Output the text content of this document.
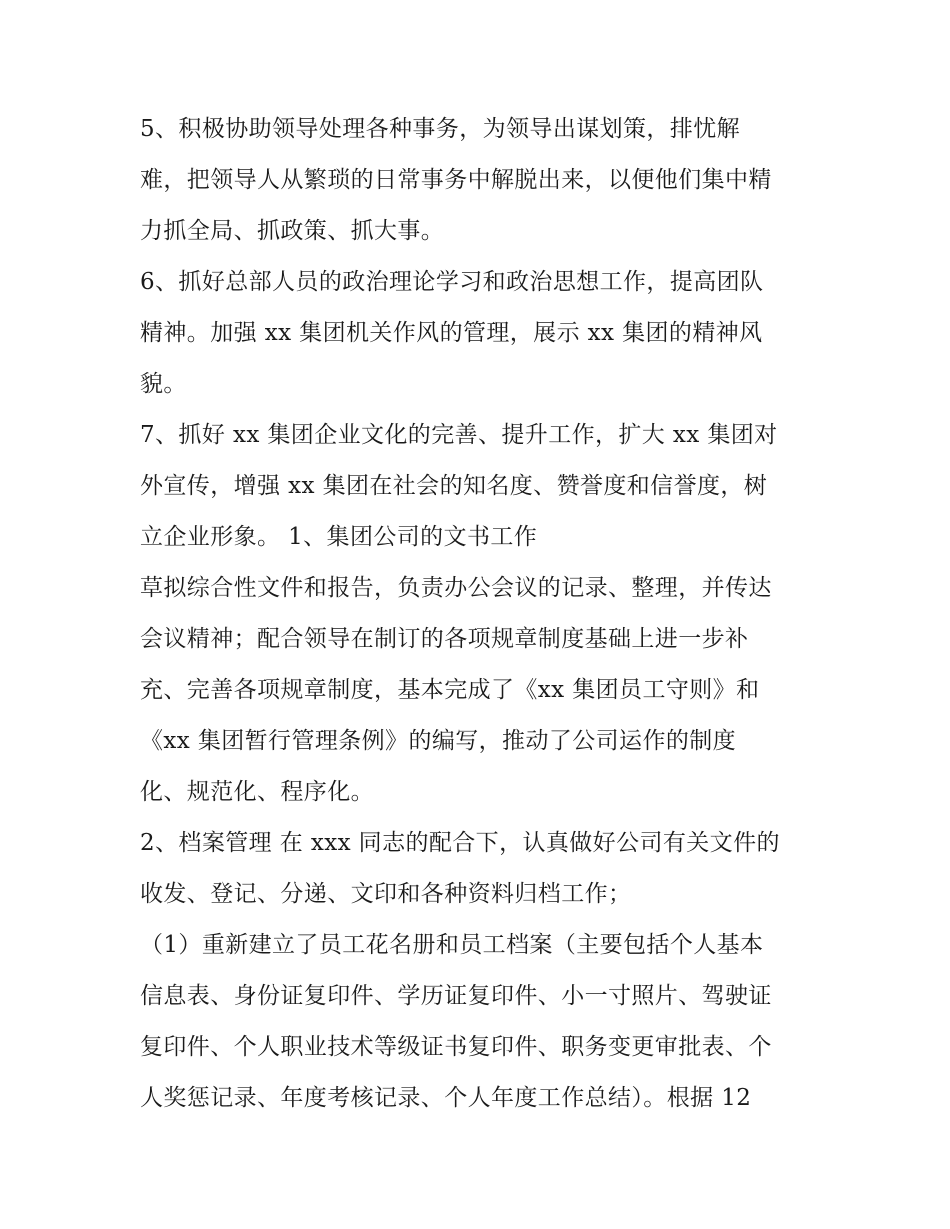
5、积极协助领导处理各种事务，为领导出谋划策，排忧解
难，把领导人从繁琐的日常事务中解脱出来，以便他们集中精
力抓全局、抓政策、抓大事。
6、抓好总部人员的政治理论学习和政治思想工作，提高团队
精神。加强 xx 集团机关作风的管理，展示 xx 集团的精神风
貌。
7、抓好 xx 集团企业文化的完善、提升工作，扩大 xx 集团对
外宣传，增强 xx 集团在社会的知名度、赞誉度和信誉度，树
立企业形象。 1、集团公司的文书工作
草拟综合性文件和报告，负责办公会议的记录、整理，并传达
会议精神；配合领导在制订的各项规章制度基础上进一步补
充、完善各项规章制度，基本完成了《xx 集团员工守则》和
《xx 集团暂行管理条例》的编写，推动了公司运作的制度
化、规范化、程序化。
2、档案管理 在 xxx 同志的配合下，认真做好公司有关文件的
收发、登记、分递、文印和各种资料归档工作；
（1）重新建立了员工花名册和员工档案（主要包括个人基本
信息表、身份证复印件、学历证复印件、小一寸照片、驾驶证
复印件、个人职业技术等级证书复印件、职务变更审批表、个
人奖惩记录、年度考核记录、个人年度工作总结）。根据 12
